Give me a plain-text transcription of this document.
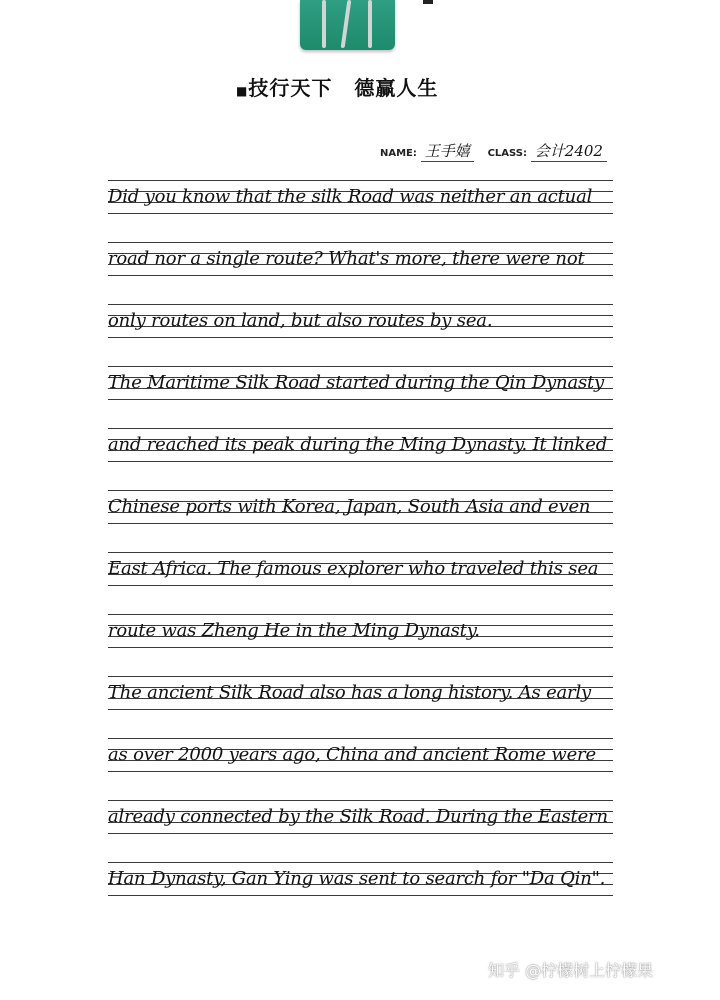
■技行天下 德赢人生
NAME: 王手嬉 CLASS: 会计2402
Did you know that the silk Road was neither an actual
road nor a single route? What's more, there were not
only routes on land, but also routes by sea.
The Maritime Silk Road started during the Qin Dynasty
and reached its peak during the Ming Dynasty. It linked
Chinese ports with Korea, Japan, South Asia and even
East Africa. The famous explorer who traveled this sea
route was Zheng He in the Ming Dynasty.
The ancient Silk Road also has a long history. As early
as over 2000 years ago, China and ancient Rome were
already connected by the Silk Road. During the Eastern
Han Dynasty, Gan Ying was sent to search for "Da Qin".
知乎 @柠檬树上柠檬果
